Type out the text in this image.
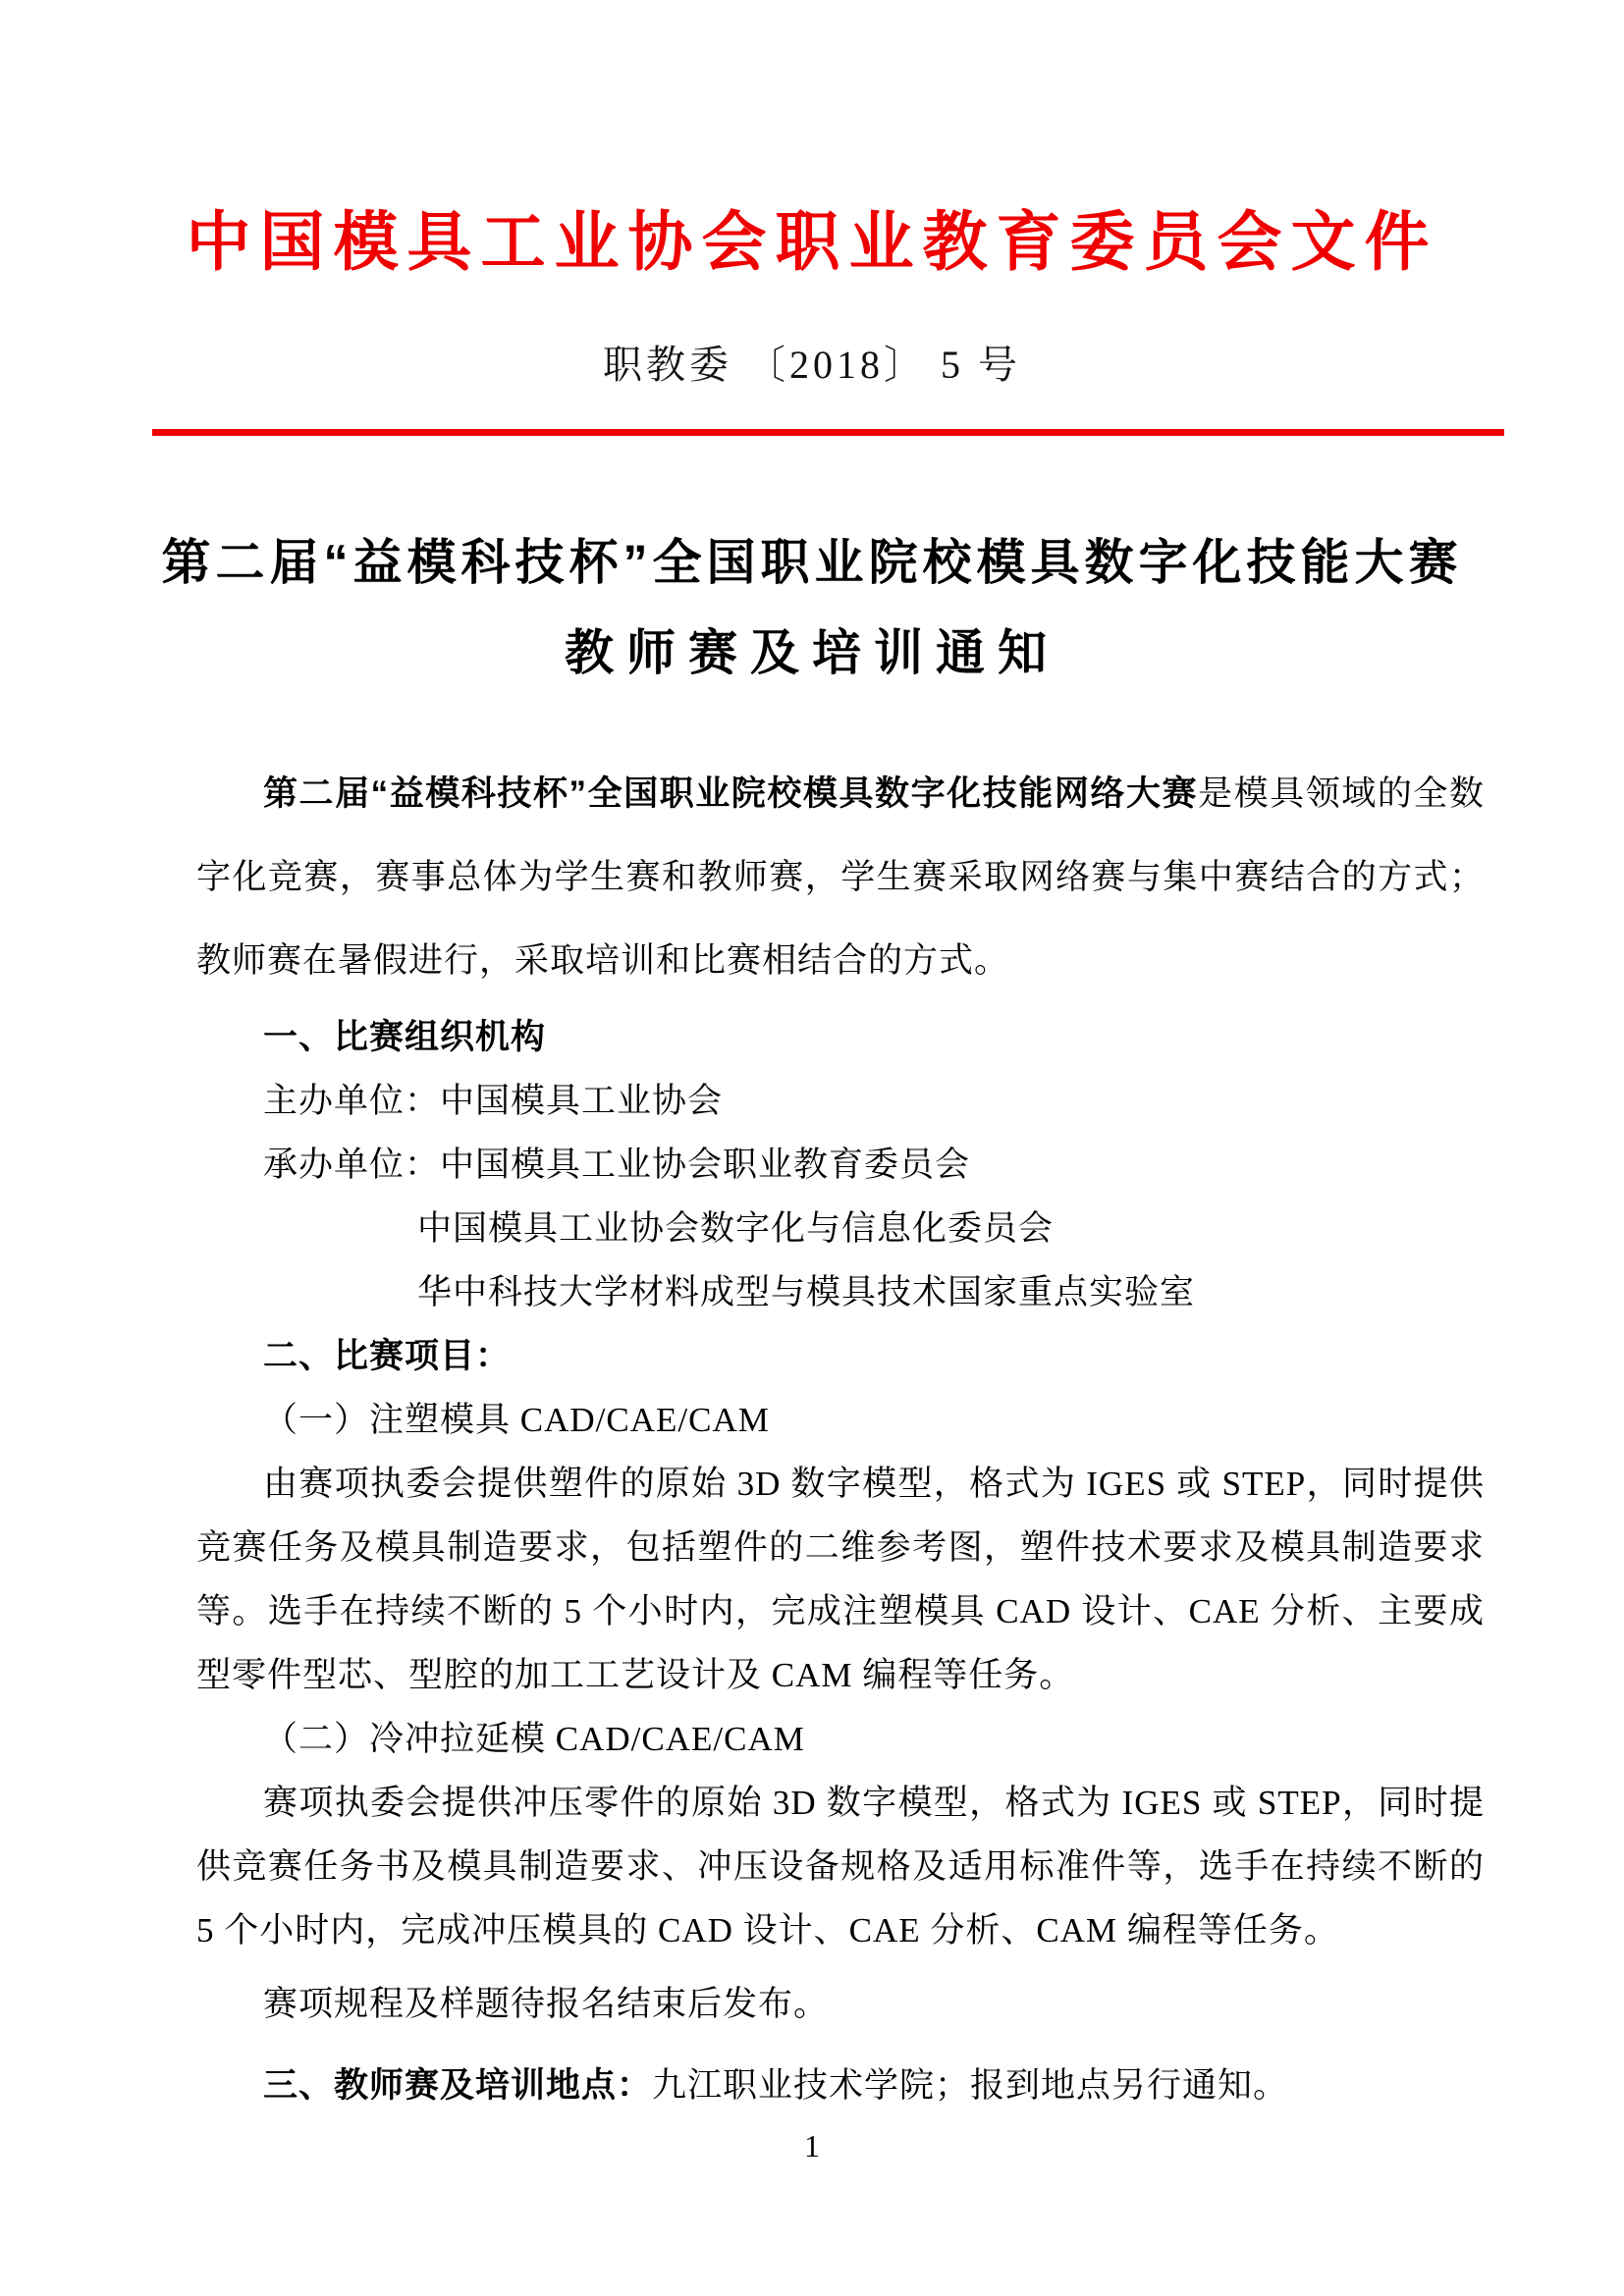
中国模具工业协会职业教育委员会文件
职教委 〔2018〕 5 号
第二届“益模科技杯”全国职业院校模具数字化技能大赛
教师赛及培训通知

第二届“益模科技杯”全国职业院校模具数字化技能网络大赛是模具领域的全数字化竞赛，赛事总体为学生赛和教师赛，学生赛采取网络赛与集中赛结合的方式；教师赛在暑假进行，采取培训和比赛相结合的方式。

一、比赛组织机构

主办单位：中国模具工业协会

承办单位：中国模具工业协会职业教育委员会

中国模具工业协会数字化与信息化委员会

华中科技大学材料成型与模具技术国家重点实验室

二、比赛项目：

（一）注塑模具 CAD/CAE/CAM

由赛项执委会提供塑件的原始 3D 数字模型，格式为 IGES 或 STEP，同时提供竞赛任务及模具制造要求，包括塑件的二维参考图，塑件技术要求及模具制造要求等。选手在持续不断的 5 个小时内，完成注塑模具 CAD 设计、CAE 分析、主要成型零件型芯、型腔的加工工艺设计及 CAM 编程等任务。

（二）冷冲拉延模 CAD/CAE/CAM

赛项执委会提供冲压零件的原始 3D 数字模型，格式为 IGES 或 STEP，同时提供竞赛任务书及模具制造要求、冲压设备规格及适用标准件等，选手在持续不断的 5 个小时内，完成冲压模具的 CAD 设计、CAE 分析、CAM 编程等任务。

赛项规程及样题待报名结束后发布。

三、教师赛及培训地点：九江职业技术学院；报到地点另行通知。

1
